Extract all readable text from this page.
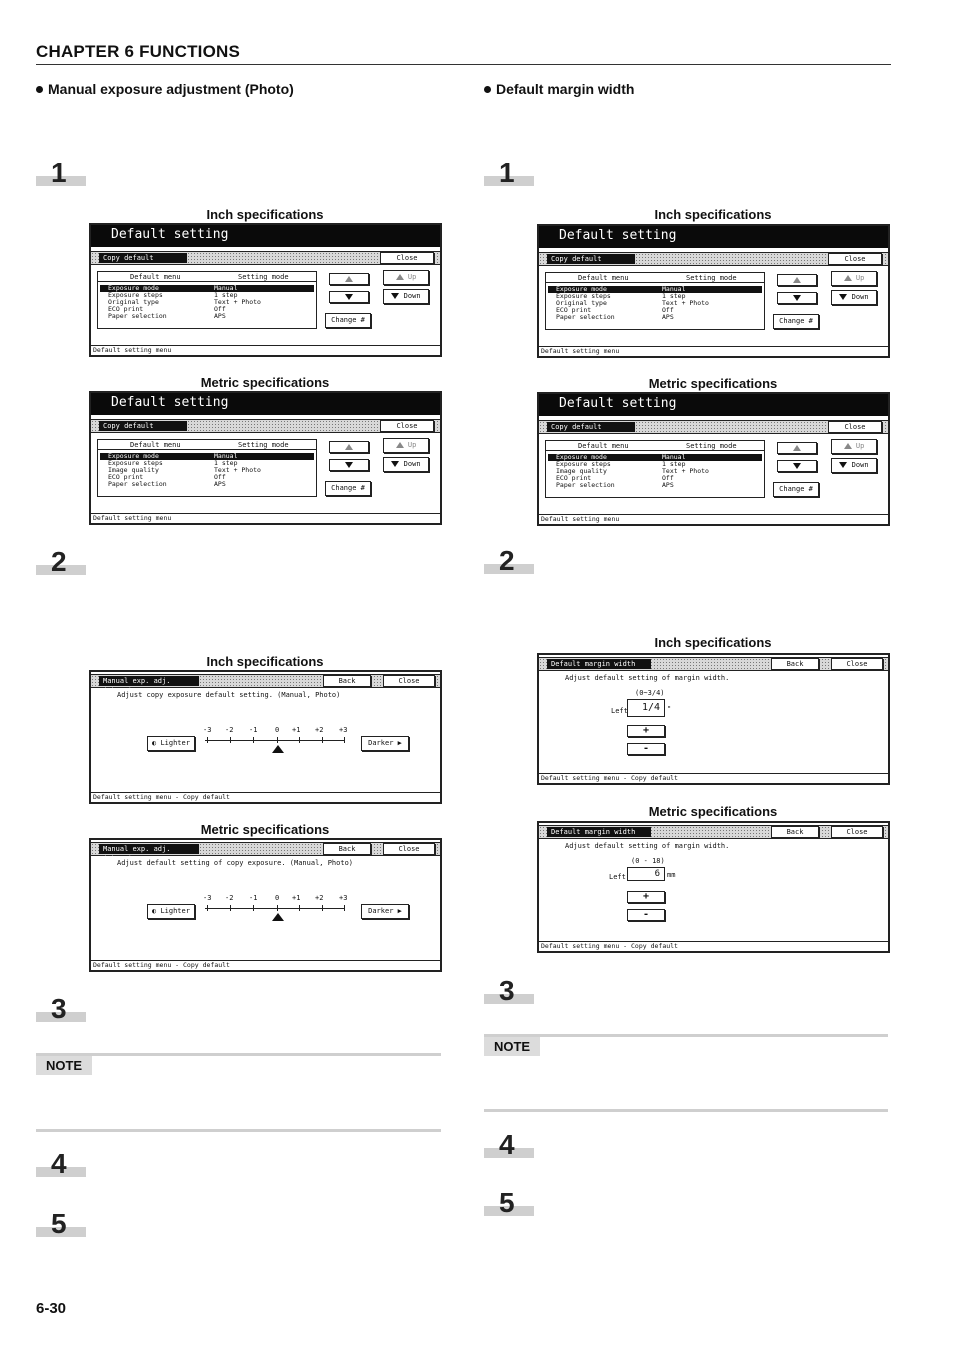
CHAPTER 6 FUNCTIONS
Manual exposure adjustment (Photo)
1
Inch specifications
Default setting
Copy default	Close
Default menu	Setting mode
Exposure mode	Manual
Exposure steps	1 step
Original type	Text + Photo
ECO print	Off
Paper selection	APS
Up
Down
Change #
Default setting menu
Metric specifications
Default setting
Copy default	Close
Default menu	Setting mode
Exposure mode	Manual
Exposure steps	1 step
Image quality	Text + Photo
ECO print	Off
Paper selection	APS
Up
Down
Change #
Default setting menu
2
Inch specifications
Manual exp. adj. (Photo)
Back	Close
Adjust copy exposure default setting. (Manual, Photo)
-3 -2 -1	0 +1 +2 +3
◐ Lighter	Darker ▶
Default setting menu - Copy default
Metric specifications
Manual exp. adj. (Photo)
Back	Close
Adjust default setting of copy exposure. (Manual, Photo)
-3 -2 -1	0 +1 +2 +3
◐ Lighter	Darker ▶
Default setting menu - Copy default
3
NOTE
4
5
Default margin width
1
Inch specifications
Default setting
Copy default	Close
Default menu	Setting mode
Exposure mode	Manual
Exposure steps	1 step
Original type	Text + Photo
ECO print	Off
Paper selection	APS
Up
Down
Change #
Default setting menu
Metric specifications
Default setting
Copy default	Close
Default menu	Setting mode
Exposure mode	Manual
Exposure steps	1 step
Image quality	Text + Photo
ECO print	Off
Paper selection	APS
Up
Down
Change #
Default setting menu
2
Inch specifications
Default margin width	Back	Close
Adjust default setting of margin width.
(0~3/4)
Left	1/4	"
+
-
Default setting menu - Copy default
Metric specifications
Default margin width	Back	Close
Adjust default setting of margin width.
(0 - 18)
Left	6	mm
+
-
Default setting menu - Copy default
3
NOTE
4
5
6-30
